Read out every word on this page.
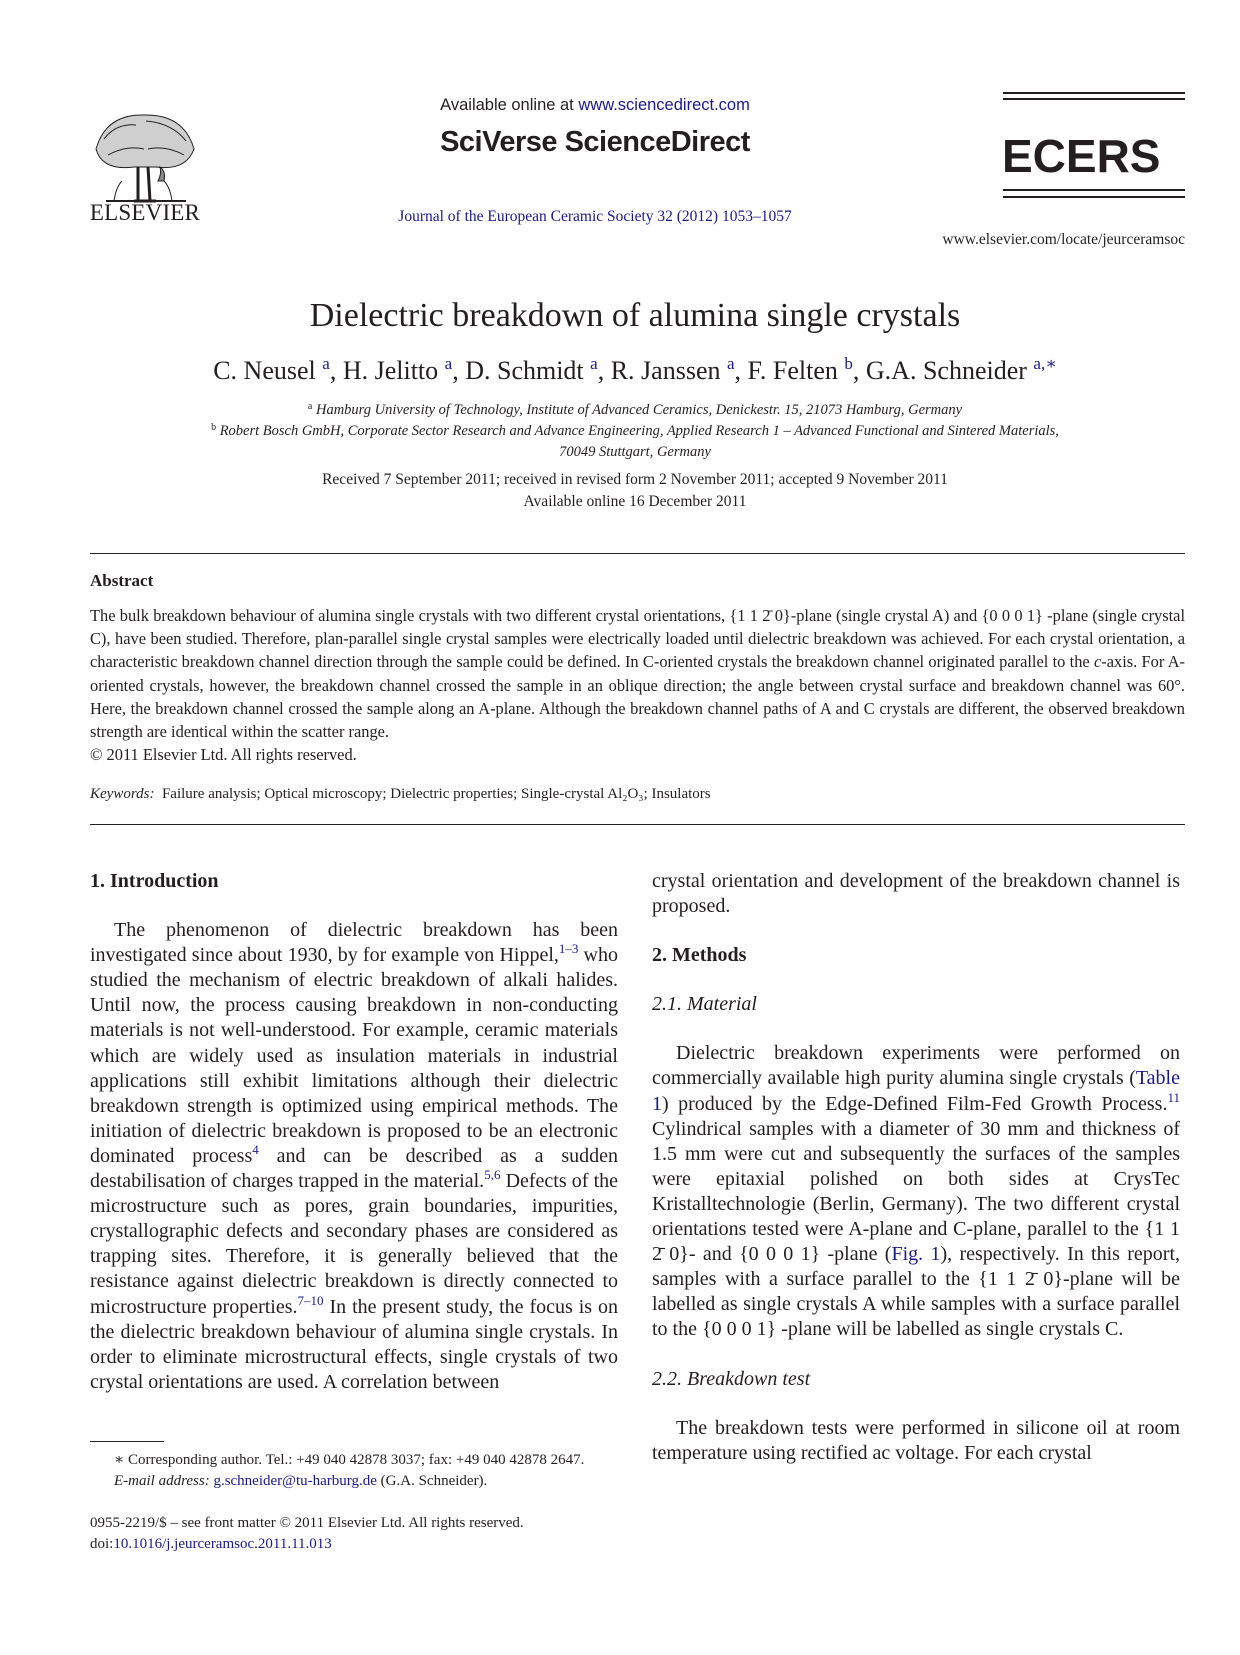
ELSEVIER
Available online at www.sciencedirect.com
SciVerse ScienceDirect
Journal of the European Ceramic Society 32 (2012) 1053–1057
ECERS
www.elsevier.com/locate/jeurceramsoc
Dielectric breakdown of alumina single crystals
C. Neusel $^a$, H. Jelitto $^a$, D. Schmidt $^a$, R. Janssen $^a$, F. Felten $^b$, G.A. Schneider $^{a,∗}$
$^a$ Hamburg University of Technology, Institute of Advanced Ceramics, Denickestr. 15, 21073 Hamburg, Germany
$^b$ Robert Bosch GmbH, Corporate Sector Research and Advance Engineering, Applied Research 1 – Advanced Functional and Sintered Materials,
70049 Stuttgart, Germany
Received 7 September 2011; received in revised form 2 November 2011; accepted 9 November 2011
Available online 16 December 2011
Abstract
The bulk breakdown behaviour of alumina single crystals with two different crystal orientations, {1 1 2̄ 0}-plane (single crystal A) and {0 0 0 1} -plane (single crystal C), have been studied. Therefore, plan-parallel single crystal samples were electrically loaded until dielectric breakdown was achieved. For each crystal orientation, a characteristic breakdown channel direction through the sample could be defined. In C-oriented crystals the breakdown channel originated parallel to the c-axis. For A-oriented crystals, however, the breakdown channel crossed the sample in an oblique direction; the angle between crystal surface and breakdown channel was 60°. Here, the breakdown channel crossed the sample along an A-plane. Although the breakdown channel paths of A and C crystals are different, the observed breakdown strength are identical within the scatter range.
© 2011 Elsevier Ltd. All rights reserved.
Keywords: Failure analysis; Optical microscopy; Dielectric properties; Single-crystal Al₂O₃; Insulators

1. Introduction

The phenomenon of dielectric breakdown has been investigated since about 1930, by for example von Hippel,$^{1-3}$ who studied the mechanism of electric breakdown of alkali halides. Until now, the process causing breakdown in non-conducting materials is not well-understood. For example, ceramic materials which are widely used as insulation materials in industrial applications still exhibit limitations although their dielectric breakdown strength is optimized using empirical methods. The initiation of dielectric breakdown is proposed to be an electronic dominated process$^4$ and can be described as a sudden destabilisation of charges trapped in the material.$^{5,6}$ Defects of the microstructure such as pores, grain boundaries, impurities, crystallographic defects and secondary phases are considered as trapping sites. Therefore, it is generally believed that the resistance against dielectric breakdown is directly connected to microstructure properties.$^{7-10}$ In the present study, the focus is on the dielectric breakdown behaviour of alumina single crystals. In order to eliminate microstructural effects, single crystals of two crystal orientations are used. A correlation between

crystal orientation and development of the breakdown channel is proposed.

2. Methods

2.1. Material

Dielectric breakdown experiments were performed on commercially available high purity alumina single crystals (Table 1) produced by the Edge-Defined Film-Fed Growth Process.$^{11}$ Cylindrical samples with a diameter of 30 mm and thickness of 1.5 mm were cut and subsequently the surfaces of the samples were epitaxial polished on both sides at CrysTec Kristalltechnologie (Berlin, Germany). The two different crystal orientations tested were A-plane and C-plane, parallel to the {1 1 2̄ 0}- and {0 0 0 1} -plane (Fig. 1), respectively. In this report, samples with a surface parallel to the {1 1 2̄ 0}-plane will be labelled as single crystals A while samples with a surface parallel to the {0 0 0 1} -plane will be labelled as single crystals C.

2.2. Breakdown test

The breakdown tests were performed in silicone oil at room temperature using rectified ac voltage. For each crystal

∗ Corresponding author. Tel.: +49 040 42878 3037; fax: +49 040 42878 2647.
E-mail address: g.schneider@tu-harburg.de (G.A. Schneider).
0955-2219/$ – see front matter © 2011 Elsevier Ltd. All rights reserved.
doi:10.1016/j.jeurceramsoc.2011.11.013
